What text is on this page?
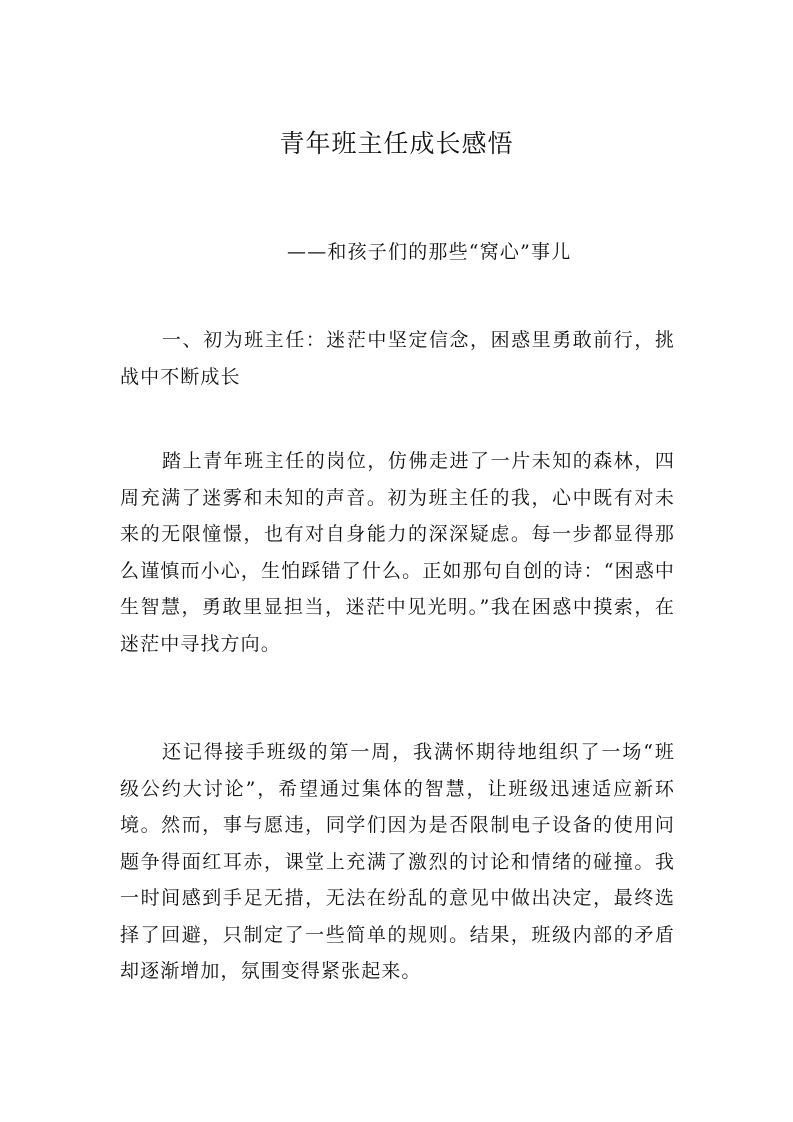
青年班主任成长感悟
——和孩子们的那些“窝心”事儿

一、初为班主任：迷茫中坚定信念，困惑里勇敢前行，挑战中不断成长

踏上青年班主任的岗位，仿佛走进了一片未知的森林，四周充满了迷雾和未知的声音。初为班主任的我，心中既有对未来的无限憧憬，也有对自身能力的深深疑虑。每一步都显得那么谨慎而小心，生怕踩错了什么。正如那句自创的诗：“困惑中生智慧，勇敢里显担当，迷茫中见光明。”我在困惑中摸索，在迷茫中寻找方向。

还记得接手班级的第一周，我满怀期待地组织了一场“班级公约大讨论”，希望通过集体的智慧，让班级迅速适应新环境。然而，事与愿违，同学们因为是否限制电子设备的使用问题争得面红耳赤，课堂上充满了激烈的讨论和情绪的碰撞。我一时间感到手足无措，无法在纷乱的意见中做出决定，最终选择了回避，只制定了一些简单的规则。结果，班级内部的矛盾却逐渐增加，氛围变得紧张起来。
